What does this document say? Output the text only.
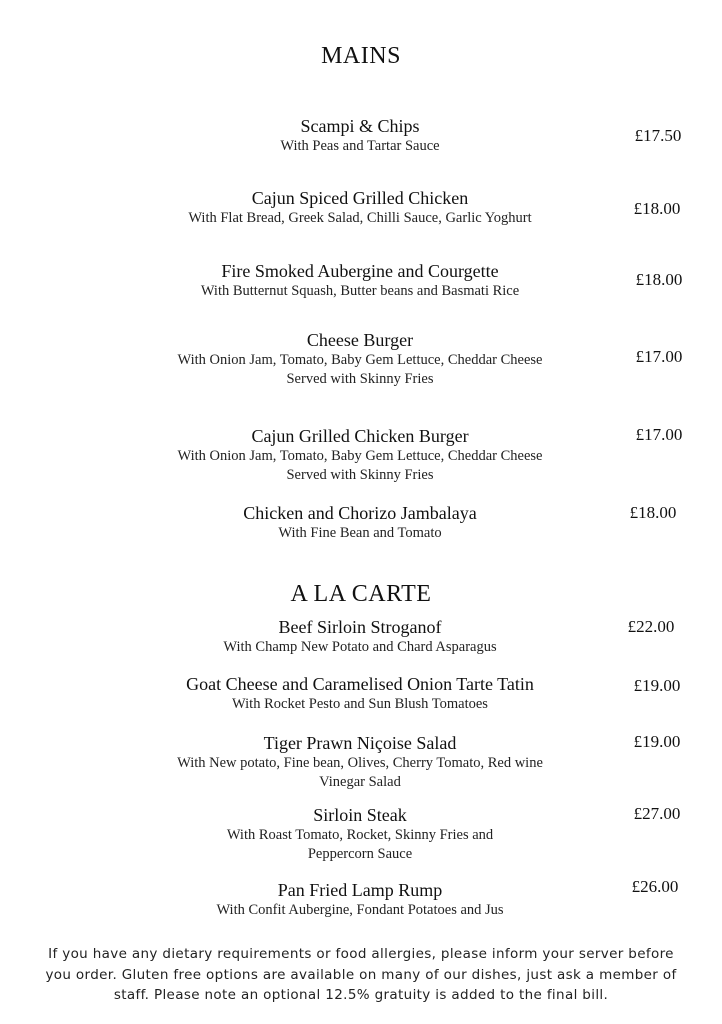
MAINS
Scampi & Chips
With Peas and Tartar Sauce
£17.50
Cajun Spiced Grilled Chicken
With Flat Bread, Greek Salad, Chilli Sauce, Garlic Yoghurt	£18.00
Fire Smoked Aubergine and Courgette
With Butternut Squash, Butter beans and Basmati Rice
£18.00
Cheese Burger
With Onion Jam, Tomato, Baby Gem Lettuce, Cheddar Cheese
Served with Skinny Fries
£17.00
Cajun Grilled Chicken Burger
With Onion Jam, Tomato, Baby Gem Lettuce, Cheddar Cheese
Served with Skinny Fries
£17.00
Chicken and Chorizo Jambalaya
With Fine Bean and Tomato
£18.00
A LA CARTE
Beef Sirloin Stroganof
With Champ New Potato and Chard Asparagus
£22.00
Goat Cheese and Caramelised Onion Tarte Tatin
With Rocket Pesto and Sun Blush Tomatoes
£19.00
Tiger Prawn Niçoise Salad
With New potato, Fine bean, Olives, Cherry Tomato, Red wine
Vinegar Salad
£19.00
Sirloin Steak
With Roast Tomato, Rocket, Skinny Fries and
Peppercorn Sauce
£27.00
Pan Fried Lamp Rump
With Confit Aubergine, Fondant Potatoes and Jus
£26.00
If you have any dietary requirements or food allergies, please inform your server before
you order. Gluten free options are available on many of our dishes, just ask a member of
staff. Please note an optional 12.5% gratuity is added to the final bill.
